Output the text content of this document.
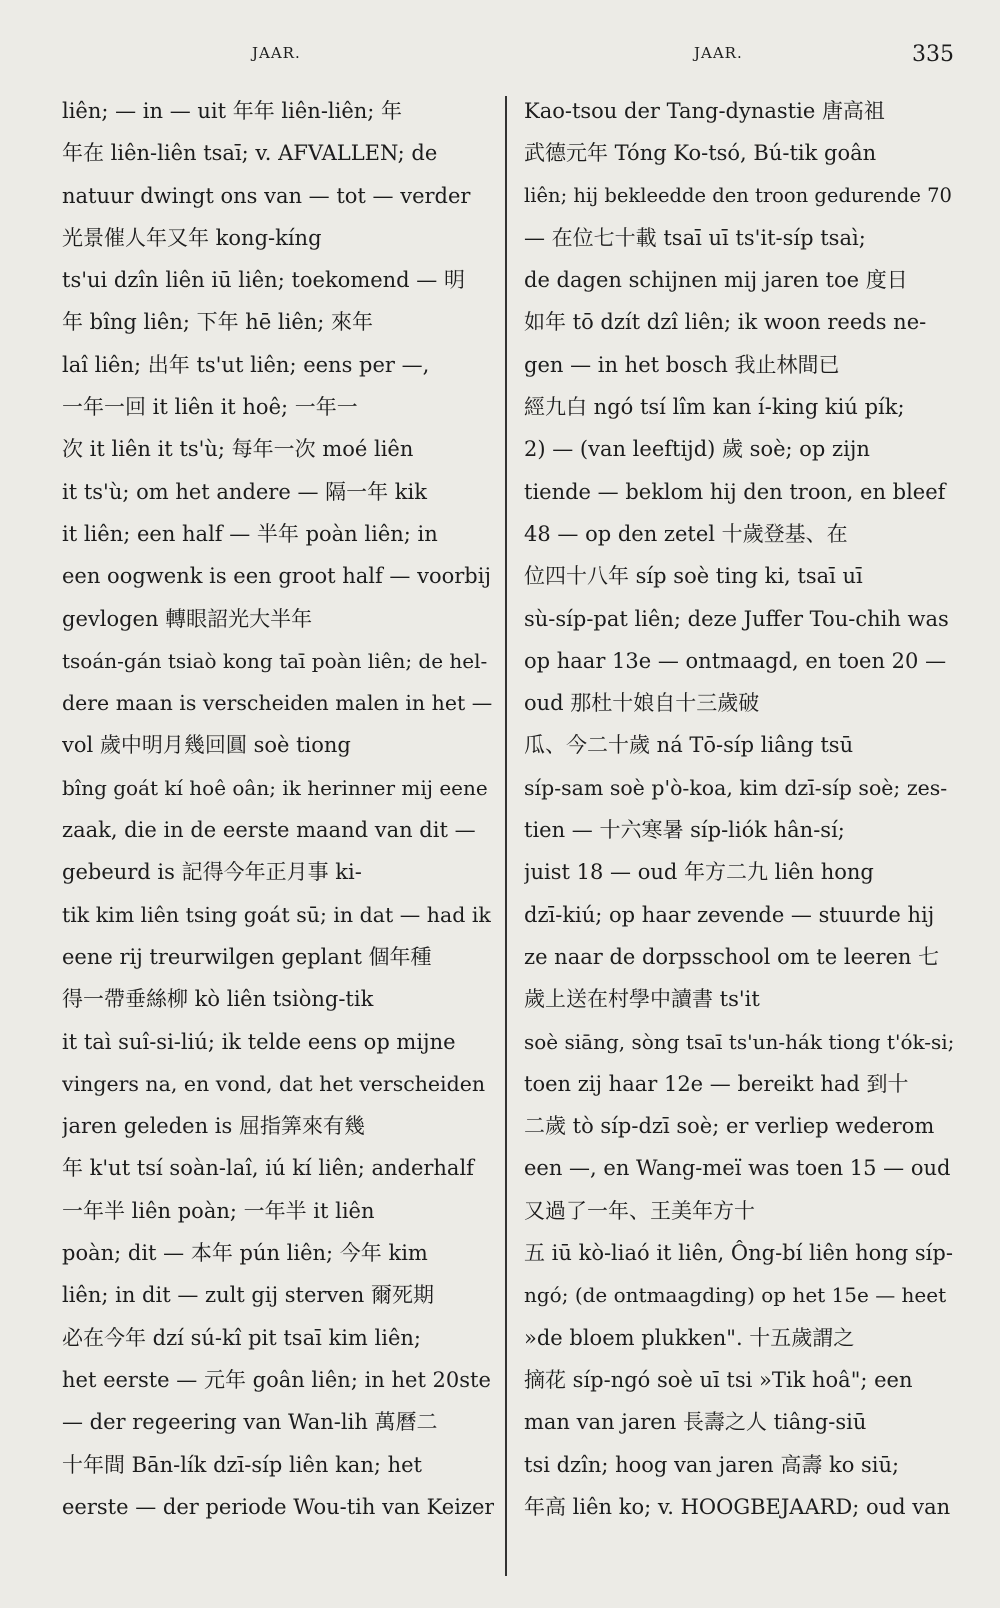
JAAR.	JAAR.	335
liên; — in — uit 年年 liên-liên; 年
年在 liên-liên tsaī; v. AFVALLEN; de
natuur dwingt ons van — tot — verder
光景催人年又年 kong-kíng
ts'ui dzîn liên iū liên; toekomend — 明
年 bîng liên; 下年 hē liên; 來年
laî liên; 出年 ts'ut liên; eens per —,
一年一回 it liên it hoê; 一年一
次 it liên it ts'ù; 每年一次 moé liên
it ts'ù; om het andere — 隔一年 kik
it liên; een half — 半年 poàn liên; in
een oogwenk is een groot half — voorbij
gevlogen 轉眼詔光大半年
tsoán-gán tsiaò kong taī poàn liên; de hel-
dere maan is verscheiden malen in het —
vol 歲中明月幾回圓 soè tiong
bîng goát kí hoê oân; ik herinner mij eene
zaak, die in de eerste maand van dit —
gebeurd is 記得今年正月事 ki-
tik kim liên tsing goát sū; in dat — had ik
eene rij treurwilgen geplant 個年種
得一帶垂絲柳 kò liên tsiòng-tik
it taì suî-si-liú; ik telde eens op mijne
vingers na, en vond, dat het verscheiden
jaren geleden is 屈指筭來有幾
年 k'ut tsí soàn-laî, iú kí liên; anderhalf
一年半 liên poàn; 一年半 it liên
poàn; dit — 本年 pún liên; 今年 kim
liên; in dit — zult gij sterven 爾死期
必在今年 dzí sú-kî pit tsaī kim liên;
het eerste — 元年 goân liên; in het 20ste
— der regeering van Wan-lih 萬曆二
十年間 Bān-lík dzī-síp liên kan; het
eerste — der periode Wou-tih van Keizer
Kao-tsou der Tang-dynastie 唐高祖
武德元年 Tóng Ko-tsó, Bú-tik goân
liên; hij bekleedde den troon gedurende 70
— 在位七十載 tsaī uī ts'it-síp tsaì;
de dagen schijnen mij jaren toe 度日
如年 tō dzít dzî liên; ik woon reeds ne-
gen — in het bosch 我止林間已
經九白 ngó tsí lîm kan í-king kiú pík;
2) — (van leeftijd) 歲 soè; op zijn
tiende — beklom hij den troon, en bleef
48 — op den zetel 十歲登基、在
位四十八年 síp soè ting ki, tsaī uī
sù-síp-pat liên; deze Juffer Tou-chih was
op haar 13e — ontmaagd, en toen 20 —
oud 那杜十娘自十三歲破
瓜、今二十歲 ná Tō-síp liâng tsū
síp-sam soè p'ò-koa, kim dzī-síp soè; zes-
tien — 十六寒暑 síp-liók hân-sí;
juist 18 — oud 年方二九 liên hong
dzī-kiú; op haar zevende — stuurde hij
ze naar de dorpsschool om te leeren 七
歲上送在村學中讀書 ts'it
soè siāng, sòng tsaī ts'un-hák tiong t'ók-si;
toen zij haar 12e — bereikt had 到十
二歲 tò síp-dzī soè; er verliep wederom
een —, en Wang-meï was toen 15 — oud
又過了一年、王美年方十
五 iū kò-liaó it liên, Ông-bí liên hong síp-
ngó; (de ontmaagding) op het 15e — heet
»de bloem plukken". 十五歲謂之
摘花 síp-ngó soè uī tsi »Tik hoâ"; een
man van jaren 長壽之人 tiâng-siū
tsi dzîn; hoog van jaren 高壽 ko siū;
年高 liên ko; v. HOOGBEJAARD; oud van
